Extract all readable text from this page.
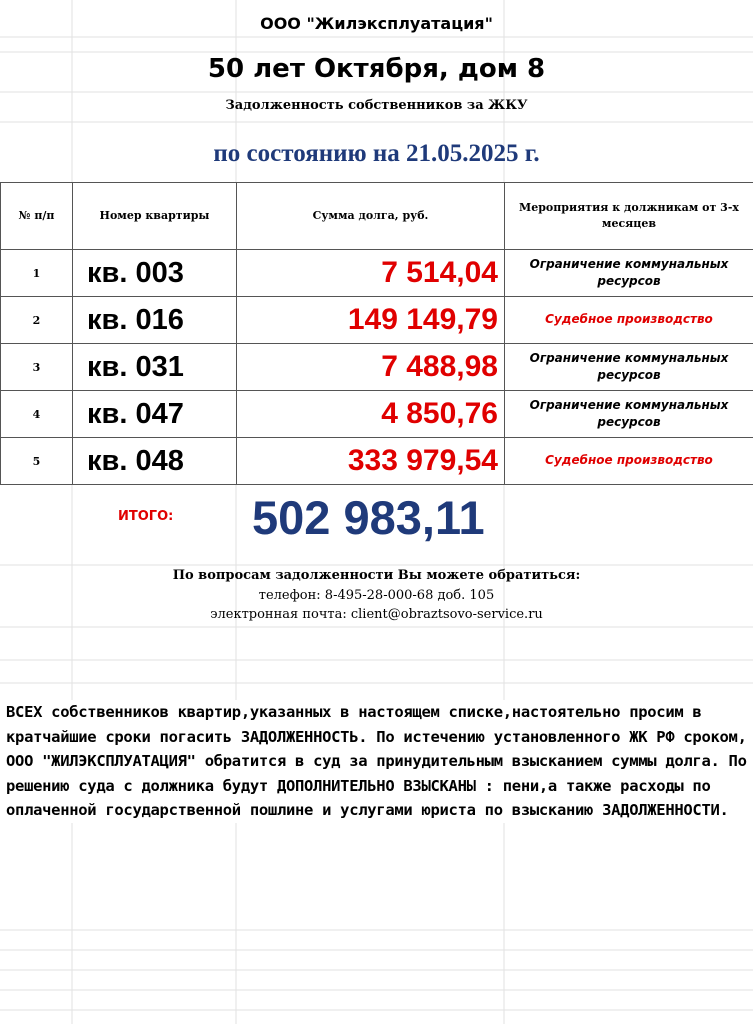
ООО "Жилэксплуатация"
50 лет Октября, дом 8
Задолженность собственников за ЖКУ
по состоянию на 21.05.2025 г.
№ п/п	Номер квартиры	Сумма долга, руб.	Мероприятия к должникам от 3-х месяцев
1	кв. 003	7 514,04	Ограничение коммунальных ресурсов
2	кв. 016	149 149,79	Судебное производство
3	кв. 031	7 488,98	Ограничение коммунальных ресурсов
4	кв. 047	4 850,76	Ограничение коммунальных ресурсов
5	кв. 048	333 979,54	Судебное производство
ИТОГО: 502 983,11
По вопросам задолженности Вы можете обратиться:
телефон: 8-495-28-000-68 доб. 105
электронная почта: client@obraztsovo-service.ru
ВСЕХ собственников квартир,указанных в настоящем списке,настоятельно просим в кратчайшие сроки погасить ЗАДОЛЖЕННОСТЬ. По истечению установленного ЖК РФ сроком, ООО "ЖИЛЭКСПЛУАТАЦИЯ" обратится в суд за принудительным взысканием суммы долга. По решению суда с должника будут ДОПОЛНИТЕЛЬНО ВЗЫСКАНЫ : пени,а также расходы по оплаченной государственной пошлине и услугами юриста по взысканию ЗАДОЛЖЕННОСТИ.
